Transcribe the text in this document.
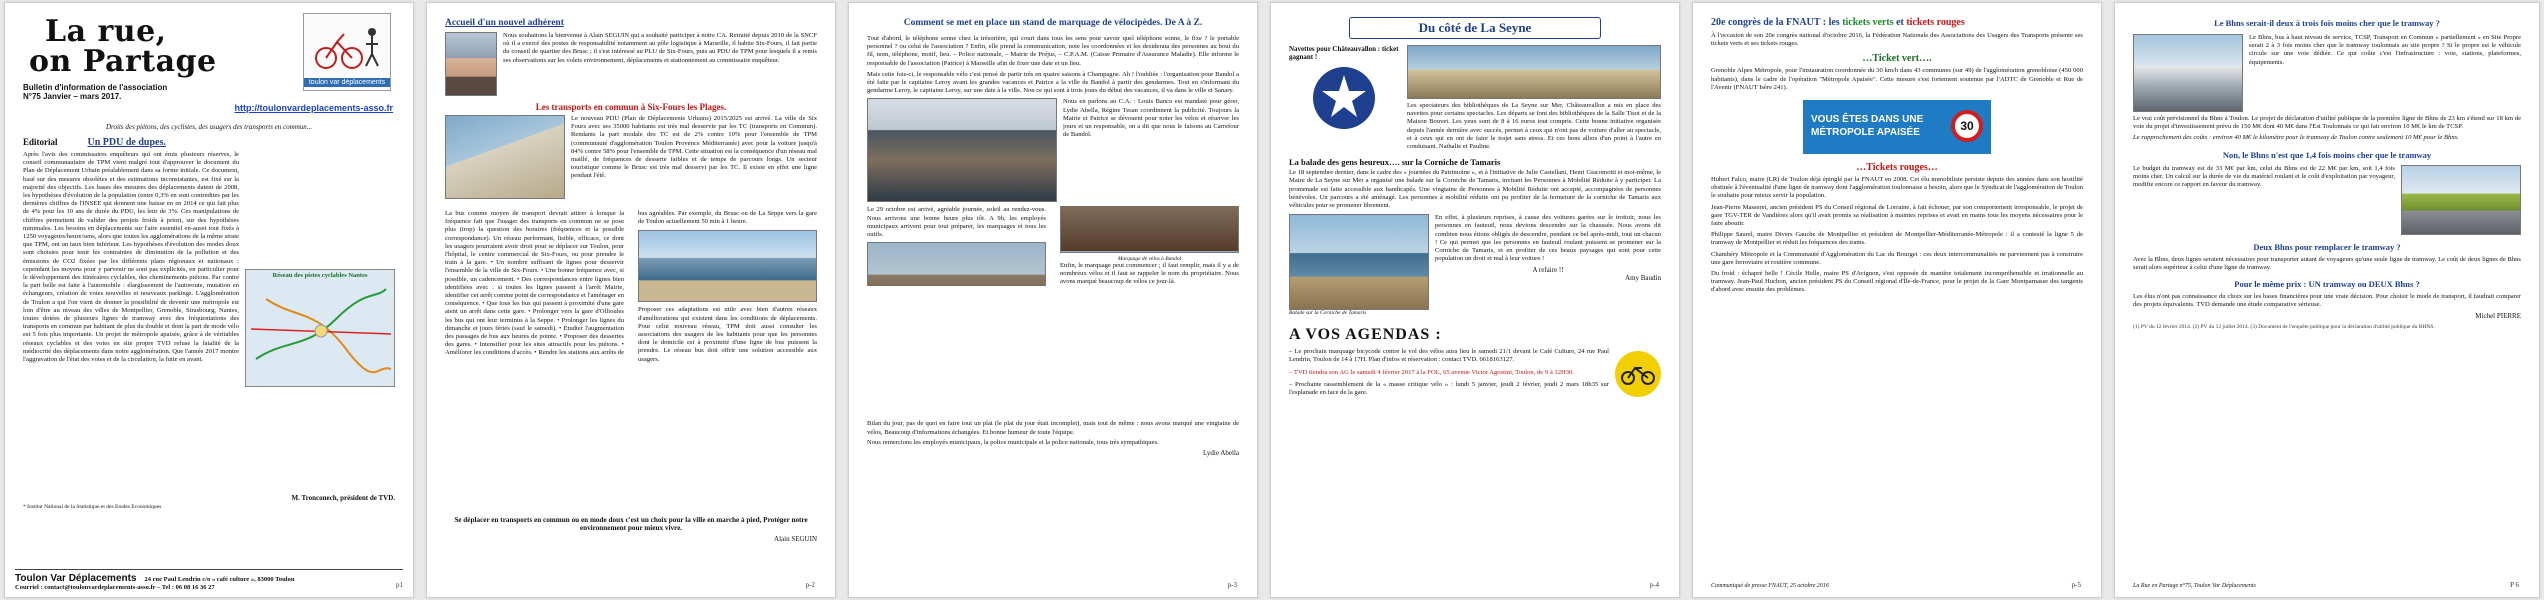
La rue,
on Partage
toulon var déplacements
Bulletin d'information de l'association
N°75 Janvier – mars 2017.
http://toulonvardeplacements-asso.fr
Droits des piétons, des cyclistes, des usagers des transports en commun...
Editorial	Un PDU de dupes.
Réseau des pistes cyclables Nantes

Après l'avis des commissaires enquêteurs qui ont émis plusieurs réserves, le conseil communautaire de TPM vient malgré tout d'approuver le document du Plan de Déplacement Urbain préalablement dans sa forme initiale. Ce document, basé sur des mesures obsolètes et des estimations inconsistantes, est fixé sur la majorité des objectifs. Les bases des mesures des déplacements datent de 2008, les hypothèses d'évolution de la population (entre 0,3% en sont contredites par les dernières chiffres de l'INSEE qui donnent une baisse en en 2014 ce qui fait plus de 4% pour les 10 ans de durée du PDU, les leur de 3%. Ces manipulations de chiffres permettent de valider des projets froids à priori, sur des hypothèses minimales. Les besoins en déplacements sur l'aire essentiel en-auset tout fixés à 1250 voyageurs/heure/sens, alors que toutes les agglomérations de la même strate que TPM, ont un taux bien inférieur. Les hypothèses d'évolution des modes doux sont choisies pour tenir les contraintes de diminution de la pollution et des émissions de CO2 fixées par les différents plans régionaux et nationaux : cependant les moyens pour y parvenir ne sont pas explicités, en particulier pour le développement des itinéraires cyclables, des cheminements piétons. Par contre la part belle est faite à l'automobile : élargissement de l'autoroute, mutation en échangeurs, création de voies nouvelles et nouveaux parkings. L'agglomération de Toulon a qui l'on vient de donner la possibilité de devenir une métropole est loin d'être au niveau des villes de Montpellier, Grenoble, Strasbourg, Nantes, toutes dotées de plusieurs lignes de tramway avec des fréquentations des transports en commun par habitant de plus du double et dont la part de mode vélo est 5 fois plus importante. Un projet de métropole apaisée, grâce à de véritables réseaux cyclables et des voies en site propre TVD refuse la fatalité de la médiocrité des déplacements dans notre agglomération. Que l'année 2017 montre l'aggravation de l'état des voies et de la circulation, la fuite en avant.

M. Tronconech, président de TVD.
* Institut National de la Statistique et des Etudes Economiques
Toulon Var Déplacements 24 rue Paul Lendrin c/o « café culture », 83000 Toulon
Courriel : contact@toulonvardeplacements-asso.fr – Tel : 06 08 16 36 27	p1
Accueil d'un nouvel adhérent

Nous souhaitons la bienvenue à Alain SEGUIN qui a souhaité participer à notre CA. Retraité depuis 2010 de la SNCF où il a exercé des postes de responsabilité notamment au pôle logistique à Marseille, il habite Six-Fours, il fait partie du conseil de quartier des Brusc ; il s'est intéressé au PLU de Six-Fours, puis au PDU de TPM pour lesquels il a remis ses observations sur les volets environnement, déplacements et stationnement au commissaire enquêteur.

Les transports en commun à Six-Fours les Plages.

Le nouveau PDU (Plan de Déplacements Urbains) 2015/2025 est arrivé. La ville de Six Fours avec ses 35000 habitants est très mal desservie par les TC (transports en Commun). Rendants la part modale des TC est de 2% contre 10% pour l'ensemble de TPM (communauté d'agglomération Toulon Provence Méditerranée) avec pour la voiture jusqu'à 84% contre 58% pour l'ensemble de TPM. Cette situation est la conséquence d'un réseau mal maillé, de fréquences de desserte faibles et de temps de parcours longs. Un secteur touristique comme le Brusc est très mal desservi par les TC. Il existe en effet une ligne pendant l'été.

La bus comme moyen de transport devrait attirer à lorsque la fréquence fait que l'usager des transports en commun ne se pose plus (trop) la question des horaires (fréquences et la possible correspondance). Un réseau performant, lisible, efficace, ce dont les usagers pourraient avoir droit pour se déplacer sur Toulon, pour l'hôpital, le centre commercial de Six-Fours, ou pour prendre le train à la gare. • Un nombre suffisant de lignes pour desservir l'ensemble de la ville de Six-Fours. • Une bonne fréquence avec, si possible, un cadencement. • Des correspondances entre lignes bien identifiées avec : si toutes les lignes passent à l'arrêt Mairie, identifier cet arrêt comme point de correspondance et l'aménager en conséquence. • Que tous les bus qui passent à proximité d'une gare aient un arrêt dans cette gare. • Prolonger vers la gare d'Ollioules les bus qui ont leur terminus à la Seppe. • Prolonger les lignes du dimanche et jours fériés (sauf le samedi). • Étudier l'augmentation des passages de bus aux heures de pointe. • Proposer des dessertes des gares. • Intensifier pour les sites attractifs pour les piétons. • Améliorer les conditions d'accès. • Rendre les stations aux arrêts de bus agréables. Par exemple, du Brusc ou de La Seppe vers la gare de Toulon actuellement 50 min à 1 heure.

Proposer ces adaptations est utile avec bien d'autres réseaux d'améliorations qui existent dans les conditions de déplacements. Pour celui nouveau réseau, TPM doit aussi consulter les associations des usagers de les habitants pour que les personnes dont le domicile est à proximité d'une ligne de bus puissent la prendre. Le réseau bus doit offrir une solution accessible aux usagers.

Se déplacer en transports en commun ou en mode doux c'est un choix pour la ville en marche à pied, Protéger notre environnement pour mieux vivre.
Alain SEGUIN
p-2
Comment se met en place un stand de marquage de vélocipèdes. De A à Z.

Tout d'abord, le téléphone sonne chez la trésorière, qui court dans tous les sens pour savoir quel téléphone sonne, le fixe ? le portable personnel ? ou celui de l'association ? Enfin, elle prend la communication, note les coordonnées et les desiderata des personnes au bout du fil, nom, téléphone, motif, lieu. – Police nationale, – Mairie de Préjus, – C.P.A.M. (Caisse Primaire d'Assurance Maladie). Elle informe le responsable de l'association (Patrice) à Marseille afin de fixer une date et un lieu.

Mais cette fois-ci, le responsable vélo c'est pensé de partir très en quatre saisons à Champagne. Ah ! l'oubliée : l'organisation pour Bandol a été faite par le capitaine Leroy avant les grandes vacances et Patrice a la ville de Bandol à partir des gendarmes. Tout en s'informant du gendarme Leroy, le capitaine Leroy, sur une date à la ville. Non ce qui sont à trois jours du début des vacances, il va dans le ville et Sanary.

Nous en parlons au C.A. : Louis Banco est mandaté pour gérer, Lydie Abella, Régine Tesan coordinnent la publicité. Toujours la Mairie et Patrice se dévouent pour noter les vélos et réserver les jours et un responsable, on a dit que nous le faisons au Carrefour de Bandol.

Le 29 octobre est arrivé, agréable journée, soleil au rendez-vous. Nous arrivons une bonne heure plus tôt. A 9h, les employés municipaux arrivent pour tout préparer, les marquages et tous les outils.

Marquage de vélos à Bandol

Enfin, le marquage peut commencer ; il faut remplir, mais il y a de nombreux vélos et il faut se rappeler le nom du propriétaire. Nous avons marqué beaucoup de vélos ce jour-là.

Bilan du jour, pas de quoi en faire tout un plat (le plat du jour était incomplet), mais tout de même : nous avons marqué une vingtaine de vélos, Beaucoup d'informations échangées. Et bonne humeur de toute l'équipe.

Nous remercions les employés municipaux, la police municipale et la police nationale, tous très sympathiques.

Lydie Abella
p-3
Du côté de La Seyne
Navettes pour Châteauvallon : ticket gagnant !

Les spectateurs des bibliothèques de La Seyne sur Mer, Châteauvallon a mis en place des navettes pour certains spectacles. Les départs se font des bibliothèques de la Salle Tisot et de la Maison Bouvet. Les yeux sont de 8 à 16 euros tout compris. Cette bonne initiative organisée depuis l'année dernière avec succès, permet à ceux qui n'ont pas de voiture d'aller au spectacle, et à ceux qui en ont de faire le trajet sans stress. Et ces bons allers d'un point à l'autre en conduisant. Nathalie et Pauline.

La balade des gens heureux…. sur la Corniche de Tamaris

Le 18 septembre dernier, dans le cadre des « journées du Patrimoine », et à l'initiative de Julie Castellani, Henri Giacomotti et moi-même, le Maire de La Seyne sur Mer a organisé une balade sur la Corniche de Tamaris, invitant les Personnes à Mobilité Réduite à y participer. La promenade est faite accessible aux handicapés. Une vingtaine de Personnes à Mobilité Réduite ont accepté, accompagnées de personnes bénévoles. Un parcours a été aménagé. Les personnes à mobilité réduite ont pu profiter de la fermeture de la corniche de Tamaris aux véhicules pour se promener librement.

Balade sur la Corniche de Tamaris

En effet, à plusieurs reprises, à cause des voitures garées sur le trottoir, nous les personnes en fauteuil, nous devions descendre sur la chaussée. Nous avons dit combien nous étions obligés de descendre, pendant ce bel après-midi, tout un chacun ! Ce qui permet que les personnes en fauteuil roulant puissent se promener sur la Corniche de Tamaris, et en profiter de ces beaux paysages qui sont pour cette population un droit et mal à leur voiture !

A refaire !!
Amy Baudin
A VOS AGENDAS :

– Le prochain marquage bicycode contre le vol des vélos aura lieu le samedi 21/1 devant le Café Culture, 24 rue Paul Lendrin, Toulon de 14 à 17H. Plan d'infos et réservation : contact TVD. 0618163127.

– TVD tiendra son AG le samedi 4 février 2017 à la FOL, 65 avenue Victor Agostini, Toulon, de 9 à 12H30.

– Prochaine rassemblement de la « masse critique vélo » : lundi 5 janvier, jeudi 2 février, jeudi 2 mars 18h35 sur l'esplanade en face de la gare.

p-4
20e congrès de la FNAUT : les tickets verts et tickets rouges

À l'occasion de son 20e congrès national d'octobre 2016, la Fédération Nationale des Associations des Usagers des Transports présente ses tickets verts et ses tickets rouges.

…Ticket vert….

Grenoble Alpes Métropole, pour l'instauration coordonnée du 30 km/h dans 43 communes (sur 49) de l'agglomération grenobloise (450 000 habitants), dans le cadre de l'opération "Métropole Apaisée". Cette mesure s'est fortement soutenue par l'ADTC de Grenoble et Rue de l'Avenir (FNAUT Isère 241).

VOUS ÊTES DANS UNE
MÉTROPOLE APAISÉE	30
…Tickets rouges…

Hubert Falco, maire (LR) de Toulon déjà épinglé par la FNAUT en 2008. Cet élu immobiliste persiste depuis des années dans son hostilité obstinée à l'éventualité d'une ligne de tramway dont l'agglomération toulonnaise a besoin, alors que le Syndicat de l'agglomération de Toulon le souhaite pour mieux servir la population.

Jean-Pierre Masseret, ancien président PS du Conseil régional de Lorraine, à fait échouer, par son comportement irresponsable, le projet de gare TGV-TER de Vandières alors qu'il avait promis sa réalisation à maintes reprises et avait en mains tous les moyens nécessaires pour le faire aboutir.

Philippe Saurel, maire Divers Gauche de Montpellier et président de Montpellier-Méditerranée-Métropole : il a contesté la ligne 5 de tramway de Montpellier et réduit les fréquences des trams.

Chambéry Métropole et la Communauté d'Agglomération du Lac du Bourget : ces deux intercommunalités ne parviennent pas à construire une gare ferroviaire et routière commune.

Du froid : échapré belle ! Cécile Helle, maire PS d'Avignon, s'est opposée de manière totalement incompréhensible et irrationnelle au tramway. Jean-Paul Huchon, ancien président PS du Conseil régional d'Île-de-France, pour le projet de la Gare Montparnasse des tangents d'abord avec ensuite des problèmes.

Communiqué de presse FNAUT, 25 octobre 2016	p-5
Le Bhns serait-il deux à trois fois moins cher que le tramway ?

Le Bhns, bus à haut niveau de service, TCSP, Transport en Commun « partiellement » en Site Propre serait 2 à 3 fois moins cher que le tramway toulonnais au site propre ? Si le propre est le véhicule circule sur une voie dédiée. Ce qui coûte c'est l'infrastructure : voie, stations, plateformes, équipements.

Le vrai coût prévisionnel du Bhns à Toulon. Le projet de déclaration d'utilité publique de la première ligne de Bhns de 23 km s'étend sur 18 km de voie du projet d'investissement prévu de 150 M€ dont 40 M€ dans l'Est Toulonnais ce qui fait environ 10 M€ le km de TCSP.

Le rapprochement des coûts : environ 40 M€ le kilomètre pour le tramway de Toulon contre seulement 10 M€ pour le Bhns.

Non, le Bhns n'est que 1,4 fois moins cher que le tramway

Le budget du tramway est de 33 M€ par km, celui du Bhns est de 22 M€ par km, soit 1,4 fois moins cher. Un calcul sur la durée de vie du matériel roulant et le coût d'exploitation par voyageur, modifie encore ce rapport en faveur du tramway.

Deux Bhns pour remplacer le tramway ?

Avec la Bhns, deux lignes seraient nécessaires pour transporter autant de voyageurs qu'une seule ligne de tramway. Le coût de deux lignes de Bhns serait alors supérieur à celui d'une ligne de tramway.

Pour le même prix : UN tramway ou DEUX Bhns ?

Les élus n'ont pas connaissance du choix sur les bases financières pour une vraie décision. Pour choisir le mode de transport, il faudrait comparer des projets équivalents. TVD demande une étude comparative sérieuse.

Michel PIERRE
(1) PV du 12 février 2014. (2) PV du 12 juillet 2014. (3) Document de l'enquête publique pour la déclaration d'utilité publique du BHNS.
La Rue en Partage n°75, Toulon Var Déplacements	P 6
